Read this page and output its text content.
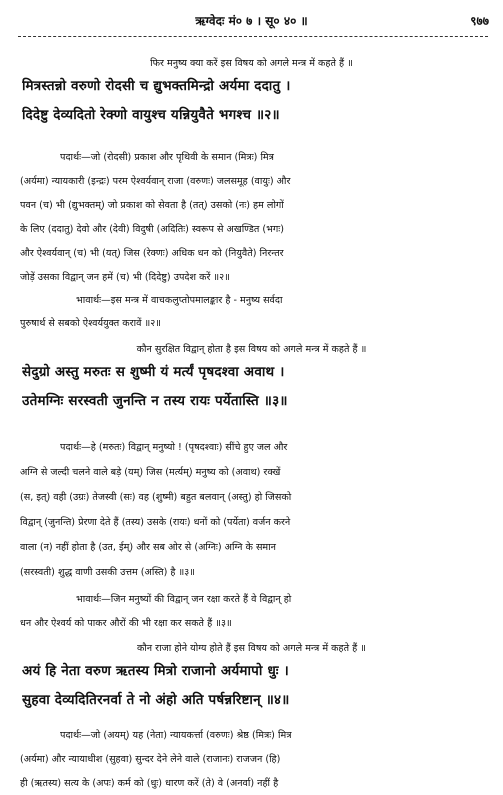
ऋग्वेदः मं० ७ । सू० ४० ॥	९७७
फिर मनुष्य क्या करें इस विषय को अगले मन्त्र में कहते हैं ॥
मित्रस्तन्नो वरुणो रोदसी च द्युभक्तमिन्द्रो अर्यमा ददातु ।
दिदेष्टु देव्यदितो रेक्णो वायुश्च यन्नियुवैते भगश्च ॥२॥
पदार्थः—जो (रोदसी) प्रकाश और पृथिवी के समान (मित्रः) मित्र
(अर्यमा) न्यायकारी (इन्द्रः) परम ऐश्वर्यवान् राजा (वरुणः) जलसमूह (वायुः) और
पवन (च) भी (द्युभक्तम्) जो प्रकाश को सेवता है (तत्) उसको (नः) हम लोगों
के लिए (ददातु) देवो और (देवी) विदुषी (अदितिः) स्वरूप से अखण्डित (भगः)
और ऐश्वर्यवान् (च) भी (यत्) जिस (रेक्णः) अधिक धन को (नियुवैते) निरन्तर
जोड़ें उसका विद्वान् जन हमें (च) भी (दिदेष्टु) उपदेश करें ॥२॥
भावार्थः—इस मन्त्र में वाचकलुप्तोपमालङ्कार है - मनुष्य सर्वदा
पुरुषार्थ से सबको ऐश्वर्ययुक्त करावें ॥२॥
कौन सुरक्षित विद्वान् होता है इस विषय को अगले मन्त्र में कहते हैं ॥
सेदुग्रो अस्तु मरुतः स शुष्मी यं मर्त्यं पृषदश्वा अवाथ ।
उतेमग्निः सरस्वती जुनन्ति न तस्य रायः पर्येतास्ति ॥३॥
पदार्थः—हे (मरुतः) विद्वान् मनुष्यो ! (पृषदश्वाः) सींचे हुए जल और
अग्नि से जल्दी चलने वाले बड़े (यम्) जिस (मर्त्यम्) मनुष्य को (अवाथ) रक्खें
(स, इत्) वही (उग्रः) तेजस्वी (सः) वह (शुष्मी) बहुत बलवान् (अस्तु) हो जिसको
विद्वान् (जुनन्ति) प्रेरणा देते हैं (तस्य) उसके (रायः) धनों को (पर्येता) वर्जन करने
वाला (न) नहीं होता है (उत, ईम्) और सब ओर से (अग्निः) अग्नि के समान
(सरस्वती) शुद्ध वाणी उसकी उत्तम (अस्ति) है ॥३॥
भावार्थः—जिन मनुष्यों की विद्वान् जन रक्षा करते हैं वे विद्वान् हो
धन और ऐश्वर्य को पाकर औरों की भी रक्षा कर सकते हैं ॥३॥
कौन राजा होने योग्य होते हैं इस विषय को अगले मन्त्र में कहते हैं ॥
अयं हि नेता वरुण ऋतस्य मित्रो राजानो अर्यमापो धुः ।
सुहवा देव्यदितिरनर्वा ते नो अंहो अति पर्षन्नरिष्टान् ॥४॥
पदार्थः—जो (अयम्) यह (नेता) न्यायकर्त्ता (वरुणः) श्रेष्ठ (मित्रः) मित्र
(अर्यमा) और न्यायाधीश (सुहवा) सुन्दर देने लेने वाले (राजानः) राजजन (हि)
ही (ऋतस्य) सत्य के (अपः) कर्म को (धुः) धारण करें (ते) वे (अनर्वा) नहीं है
